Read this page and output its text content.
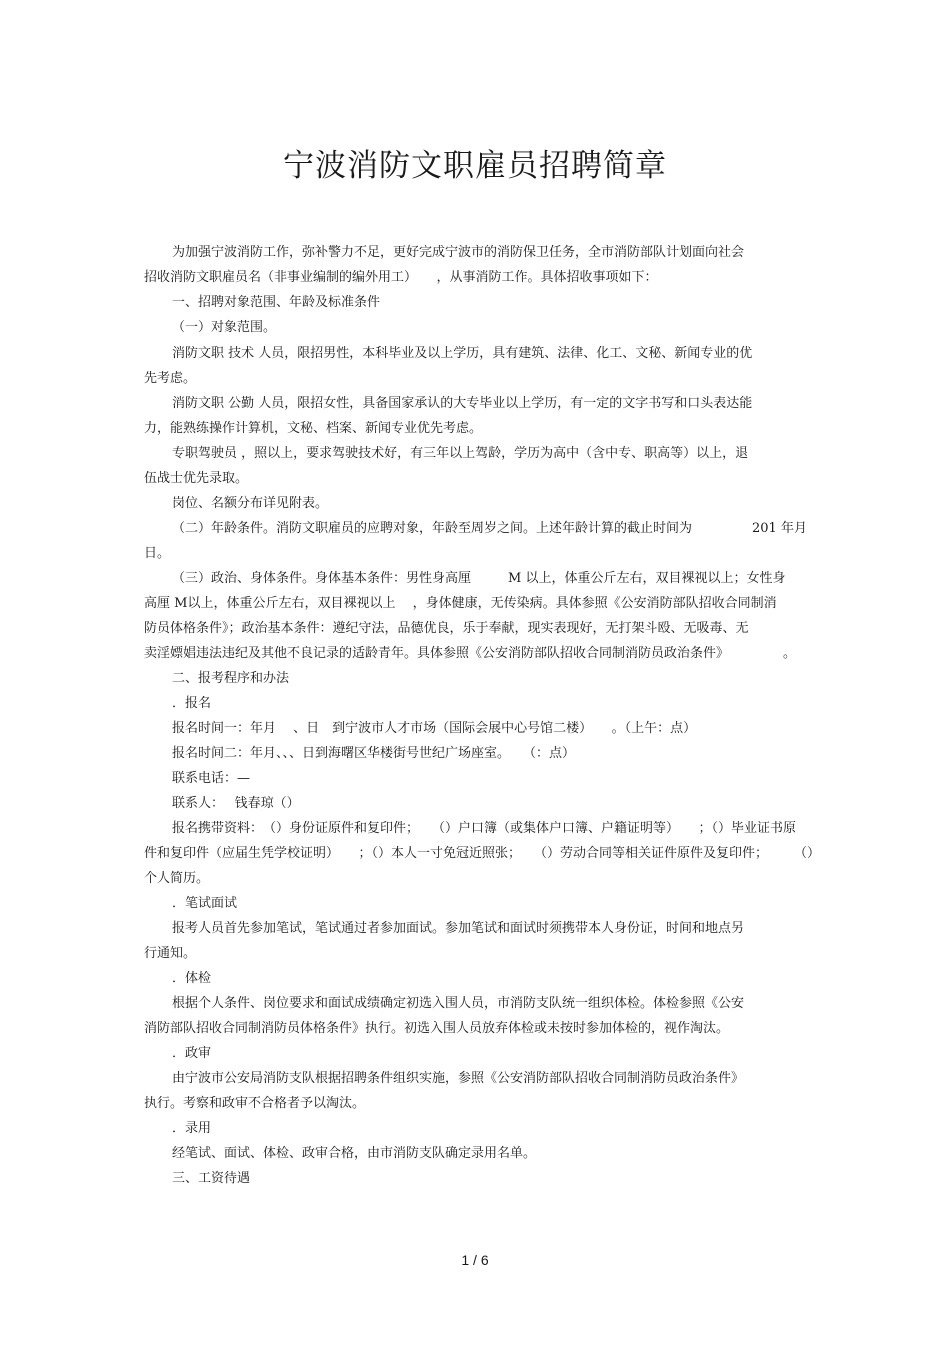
宁波消防文职雇员招聘简章
为加强宁波消防工作，弥补警力不足，更好完成宁波市的消防保卫任务，全市消防部队计划面向社会
招收消防文职雇员名（非事业编制的编外用工）　　，从事消防工作。具体招收事项如下：
一、招聘对象范围、年龄及标准条件
（一）对象范围。
消防文职 技术 人员，限招男性，本科毕业及以上学历，具有建筑、法律、化工、文秘、新闻专业的优
先考虑。
消防文职 公勤 人员，限招女性，具备国家承认的大专毕业以上学历，有一定的文字书写和口头表达能
力，能熟练操作计算机，文秘、档案、新闻专业优先考虑。
专职驾驶员 ，照以上，要求驾驶技术好，有三年以上驾龄，学历为高中（含中专、职高等）以上，退
伍战士优先录取。
岗位、名额分布详见附表。
（二）年龄条件。消防文职雇员的应聘对象，年龄至周岁之间。上述年龄计算的截止时间为	201 年月
日。
（三）政治、身体条件。身体基本条件：男性身高厘	M 以上，体重公斤左右，双目裸视以上；女性身
高厘 M以上，体重公斤左右，双目裸视以上　 ，身体健康，无传染病。具体参照《公安消防部队招收合同制消
防员体格条件》；政治基本条件：遵纪守法，品德优良，乐于奉献，现实表现好，无打架斗殴、无吸毒、无
卖淫嫖娼违法违纪及其他不良记录的适龄青年。具体参照《公安消防部队招收合同制消防员政治条件》	。
二、报考程序和办法
．报名
报名时间一：年月　 、日　到宁波市人才市场（国际会展中心号馆二楼）　　。（上午：点）
报名时间二：年月、、、日到海曙区华楼街号世纪广场座室。　　（：点）
联系电话：—
联系人：　 钱春琼（）
报名携带资料：　（）身份证原件和复印件；　　（）户口簿（或集体户口簿、户籍证明等）　　；（）毕业证书原
件和复印件（应届生凭学校证明）　　；（）本人一寸免冠近照张；　　（）劳动合同等相关证件原件及复印件；　　　（）
个人简历。
．笔试面试
报考人员首先参加笔试，笔试通过者参加面试。参加笔试和面试时须携带本人身份证，时间和地点另
行通知。
．体检
根据个人条件、岗位要求和面试成绩确定初选入围人员，市消防支队统一组织体检。体检参照《公安
消防部队招收合同制消防员体格条件》执行。初选入围人员放弃体检或未按时参加体检的，视作淘汰。
．政审
由宁波市公安局消防支队根据招聘条件组织实施，参照《公安消防部队招收合同制消防员政治条件》
执行。考察和政审不合格者予以淘汰。
．录用
经笔试、面试、体检、政审合格，由市消防支队确定录用名单。
三、工资待遇
1 / 6
